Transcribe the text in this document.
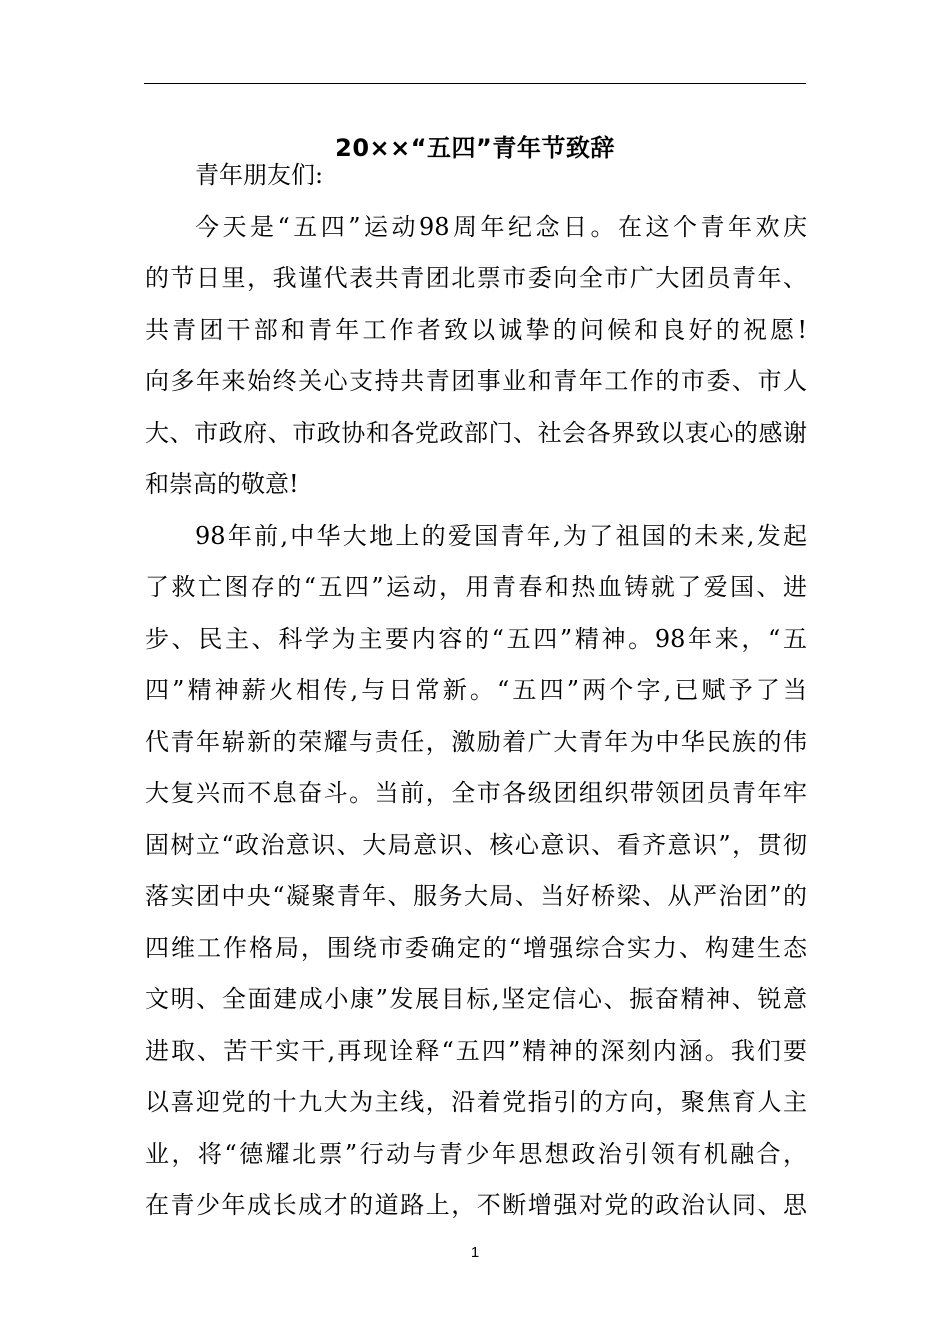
20××“五四”青年节致辞
青年朋友们:
今天是“五四”运动98周年纪念日。在这个青年欢庆
的节日里，我谨代表共青团北票市委向全市广大团员青年、
共青团干部和青年工作者致以诚挚的问候和良好的祝愿!
向多年来始终关心支持共青团事业和青年工作的市委、市人
大、市政府、市政协和各党政部门、社会各界致以衷心的感谢
和崇高的敬意!
98年前,中华大地上的爱国青年,为了祖国的未来,发起
了救亡图存的“五四”运动，用青春和热血铸就了爱国、进
步、民主、科学为主要内容的“五四”精神。98年来，“五
四”精神薪火相传,与日常新。“五四”两个字,已赋予了当
代青年崭新的荣耀与责任，激励着广大青年为中华民族的伟
大复兴而不息奋斗。当前，全市各级团组织带领团员青年牢
固树立“政治意识、大局意识、核心意识、看齐意识”，贯彻
落实团中央“凝聚青年、服务大局、当好桥梁、从严治团”的
四维工作格局，围绕市委确定的“增强综合实力、构建生态
文明、全面建成小康”发展目标,坚定信心、振奋精神、锐意
进取、苦干实干,再现诠释“五四”精神的深刻内涵。我们要
以喜迎党的十九大为主线，沿着党指引的方向，聚焦育人主
业，将“德耀北票”行动与青少年思想政治引领有机融合，
在青少年成长成才的道路上，不断增强对党的政治认同、思
1
